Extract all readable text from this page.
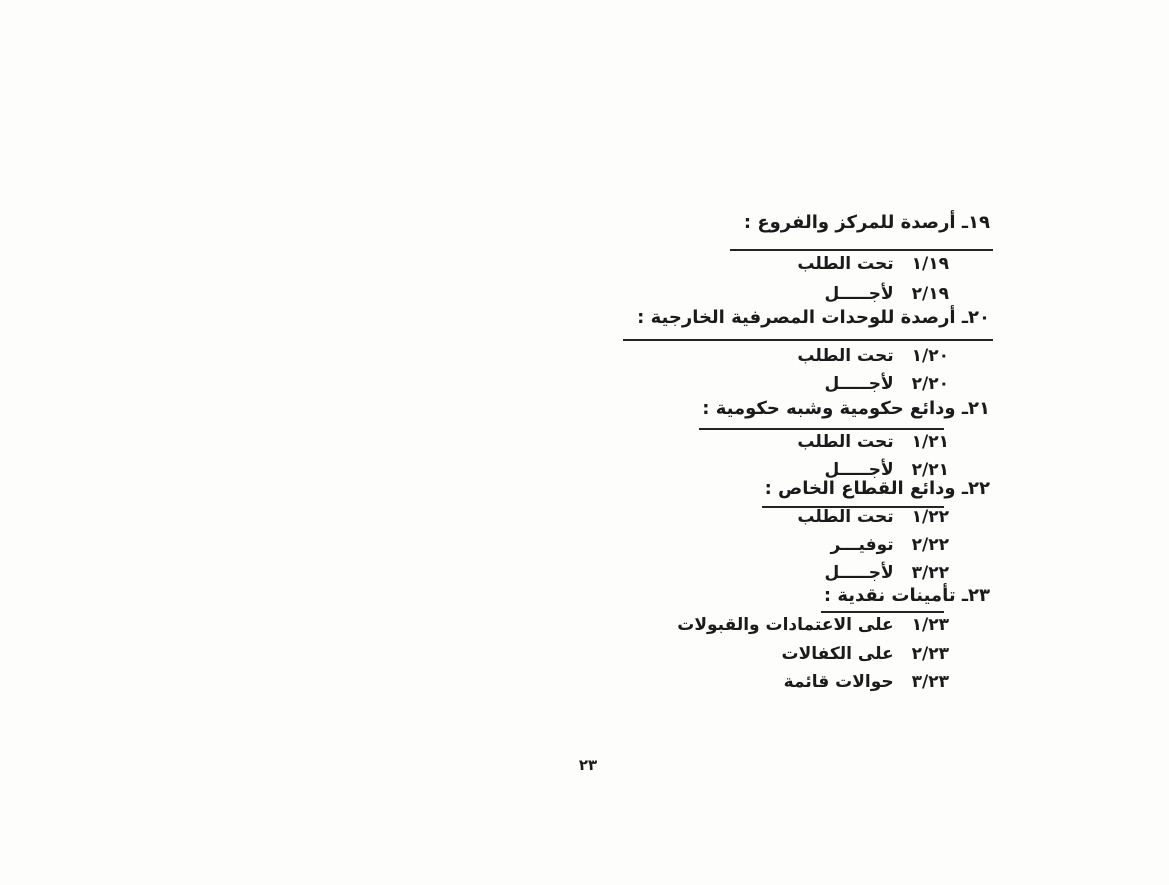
١٩ـ أرصدة للمركز والفروع :
١/١٩تحت الطلب
٢/١٩لأجـــــل
٢٠ـ أرصدة للوحدات المصرفية الخارجية :
١/٢٠تحت الطلب
٢/٢٠لأجـــــل
٢١ـ ودائع حكومية وشبه حكومية :
١/٢١تحت الطلب
٢/٢١لأجـــــل
٢٢ـ ودائع القطاع الخاص :
١/٢٢تحت الطلب
٢/٢٢توفيـــر
٣/٢٢لأجـــــل
٢٣ـ تأمينات نقدية :
١/٢٣على الاعتمادات والقبولات
٢/٢٣على الكفالات
٣/٢٣حوالات قائمة
٢٣
